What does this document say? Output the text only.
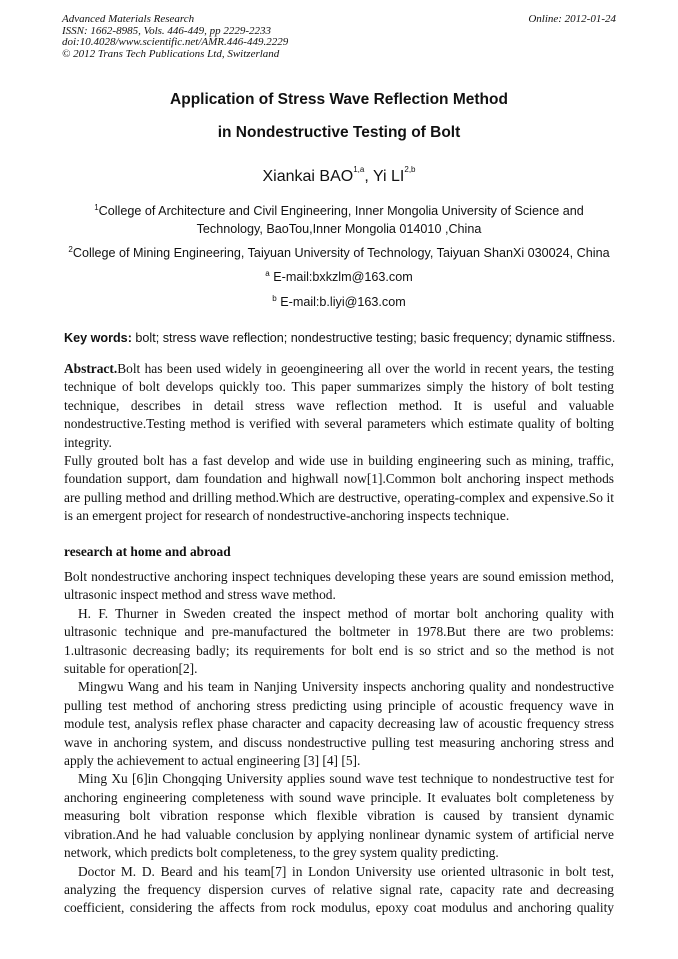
Advanced Materials Research
ISSN: 1662-8985, Vols. 446-449, pp 2229-2233
doi:10.4028/www.scientific.net/AMR.446-449.2229
© 2012 Trans Tech Publications Ltd, Switzerland
Online: 2012-01-24
Application of Stress Wave Reflection Method
in Nondestructive Testing of Bolt
Xiankai BAO$^{1,a}$, Yi LI$^{2,b}$
$^1$College of Architecture and Civil Engineering, Inner Mongolia University of Science and
Technology, BaoTou,Inner Mongolia 014010 ,China
$^2$College of Mining Engineering, Taiyuan University of Technology, Taiyuan ShanXi 030024, China
$^a$ E-mail:bxkzlm@163.com
$^b$ E-mail:b.liyi@163.com
Key words: bolt; stress wave reflection; nondestructive testing; basic frequency; dynamic stiffness.

Abstract.Bolt has been used widely in geoengineering all over the world in recent years, the testing technique of bolt develops quickly too. This paper summarizes simply the history of bolt testing technique, describes in detail stress wave reflection method. It is useful and valuable nondestructive.Testing method is verified with several parameters which estimate quality of bolting integrity.

Fully grouted bolt has a fast develop and wide use in building engineering such as mining, traffic, foundation support, dam foundation and highwall now[1].Common bolt anchoring inspect methods are pulling method and drilling method.Which are destructive, operating-complex and expensive.So it is an emergent project for research of nondestructive-anchoring inspects technique.

research at home and abroad

Bolt nondestructive anchoring inspect techniques developing these years are sound emission method, ultrasonic inspect method and stress wave method.

H. F. Thurner in Sweden created the inspect method of mortar bolt anchoring quality with ultrasonic technique and pre-manufactured the boltmeter in 1978.But there are two problems: 1.ultrasonic decreasing badly; its requirements for bolt end is so strict and so the method is not suitable for operation[2].

Mingwu Wang and his team in Nanjing University inspects anchoring quality and nondestructive pulling test method of anchoring stress predicting using principle of acoustic frequency wave in module test, analysis reflex phase character and capacity decreasing law of acoustic frequency stress wave in anchoring system, and discuss nondestructive pulling test measuring anchoring stress and apply the achievement to actual engineering [3] [4] [5].

Ming Xu [6]in Chongqing University applies sound wave test technique to nondestructive test for anchoring engineering completeness with sound wave principle. It evaluates bolt completeness by measuring bolt vibration response which flexible vibration is caused by transient dynamic vibration.And he had valuable conclusion by applying nonlinear dynamic system of artificial nerve network, which predicts bolt completeness, to the grey system quality predicting.

Doctor M. D. Beard and his team[7] in London University use oriented ultrasonic in bolt test, analyzing the frequency dispersion curves of relative signal rate, capacity rate and decreasing coefficient, considering the affects from rock modulus, epoxy coat modulus and anchoring quality
